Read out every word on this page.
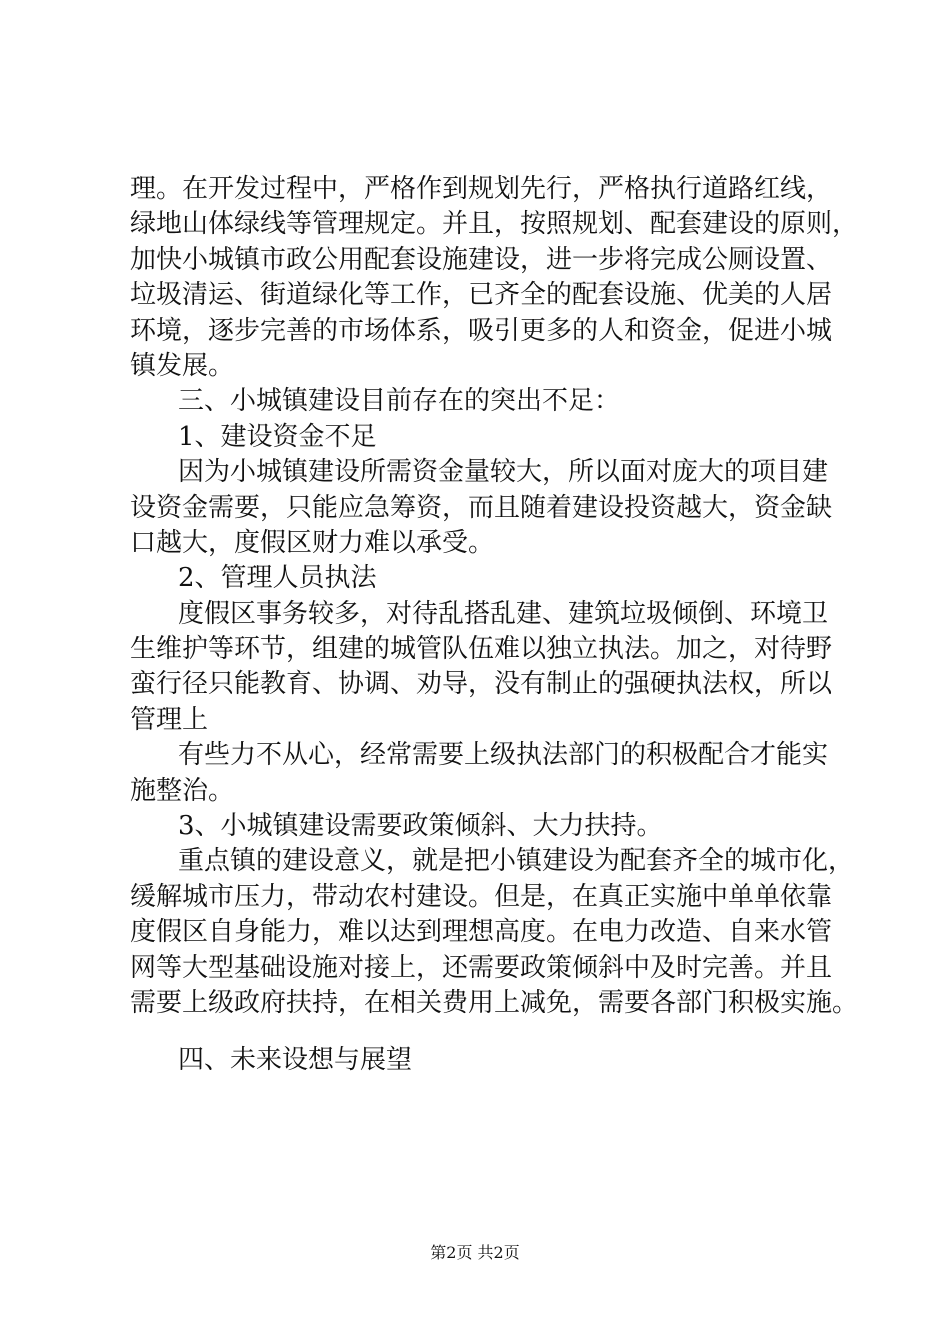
理。在开发过程中，严格作到规划先行，严格执行道路红线，
绿地山体绿线等管理规定。并且，按照规划、配套建设的原则，
加快小城镇市政公用配套设施建设，进一步将完成公厕设置、
垃圾清运、街道绿化等工作，已齐全的配套设施、优美的人居
环境，逐步完善的市场体系，吸引更多的人和资金，促进小城
镇发展。
三、小城镇建设目前存在的突出不足：
1、建设资金不足
因为小城镇建设所需资金量较大，所以面对庞大的项目建
设资金需要，只能应急筹资，而且随着建设投资越大，资金缺
口越大，度假区财力难以承受。
2、管理人员执法
度假区事务较多，对待乱搭乱建、建筑垃圾倾倒、环境卫
生维护等环节，组建的城管队伍难以独立执法。加之，对待野
蛮行径只能教育、协调、劝导，没有制止的强硬执法权，所以
管理上
有些力不从心，经常需要上级执法部门的积极配合才能实
施整治。
3、小城镇建设需要政策倾斜、大力扶持。
重点镇的建设意义，就是把小镇建设为配套齐全的城市化，
缓解城市压力，带动农村建设。但是，在真正实施中单单依靠
度假区自身能力，难以达到理想高度。在电力改造、自来水管
网等大型基础设施对接上，还需要政策倾斜中及时完善。并且
需要上级政府扶持，在相关费用上减免，需要各部门积极实施。
四、未来设想与展望
第2页 共2页
